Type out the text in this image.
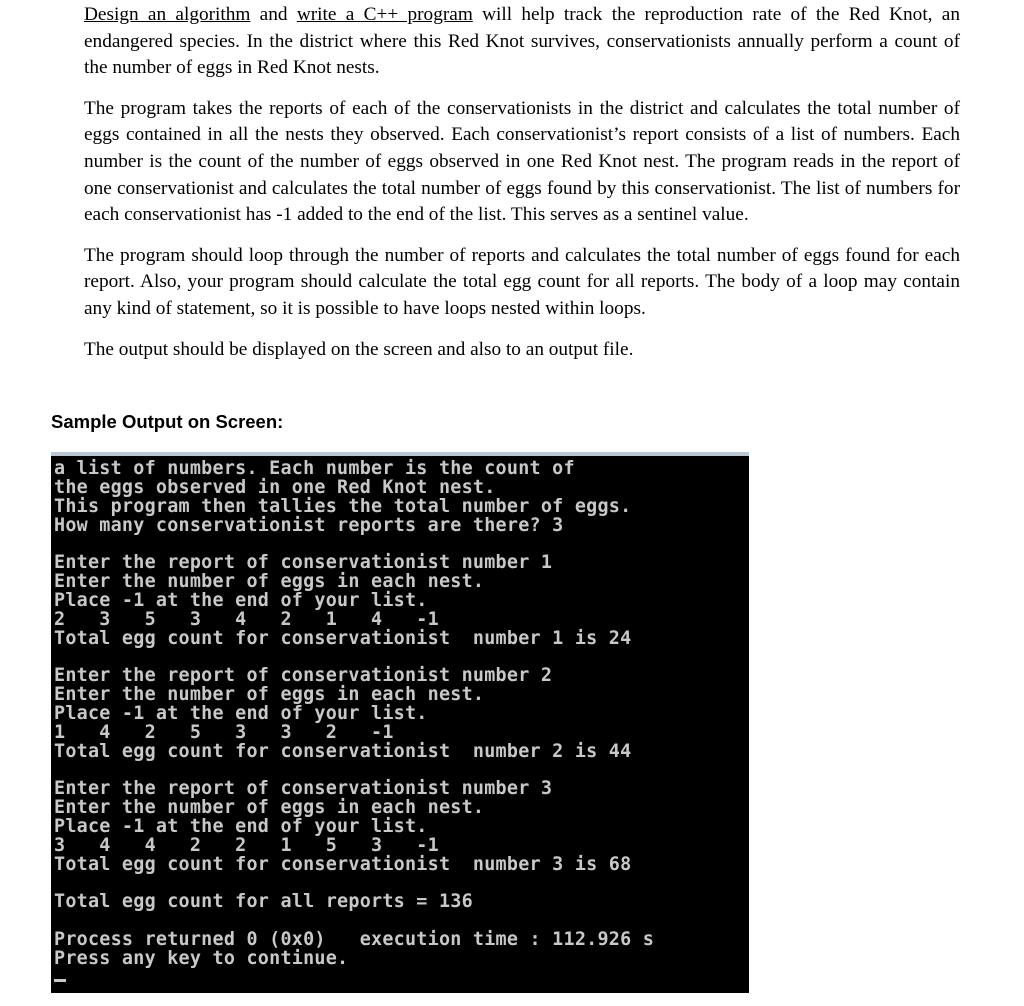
Design an algorithm and write a C++ program will help track the reproduction rate of the Red Knot, an endangered species. In the district where this Red Knot survives, conservationists annually perform a count of the number of eggs in Red Knot nests.

The program takes the reports of each of the conservationists in the district and calculates the total number of eggs contained in all the nests they observed. Each conservationist’s report consists of a list of numbers. Each number is the count of the number of eggs observed in one Red Knot nest. The program reads in the report of one conservationist and calculates the total number of eggs found by this conservationist. The list of numbers for each conservationist has -1 added to the end of the list. This serves as a sentinel value.

The program should loop through the number of reports and calculates the total number of eggs found for each report. Also, your program should calculate the total egg count for all reports. The body of a loop may contain any kind of statement, so it is possible to have loops nested within loops.

The output should be displayed on the screen and also to an output file.

Sample Output on Screen:
a list of numbers. Each number is the count of
the eggs observed in one Red Knot nest.
This program then tallies the total number of eggs.
How many conservationist reports are there? 3
Enter the report of conservationist number 1
Enter the number of eggs in each nest.
Place -1 at the end of your list.
2   3   5   3   4   2   1   4   -1
Total egg count for conservationist  number 1 is 24
Enter the report of conservationist number 2
Enter the number of eggs in each nest.
Place -1 at the end of your list.
1   4   2   5   3   3   2   -1
Total egg count for conservationist  number 2 is 44
Enter the report of conservationist number 3
Enter the number of eggs in each nest.
Place -1 at the end of your list.
3   4   4   2   2   1   5   3   -1
Total egg count for conservationist  number 3 is 68
Total egg count for all reports = 136
Process returned 0 (0x0)   execution time : 112.926 s
Press any key to continue.
